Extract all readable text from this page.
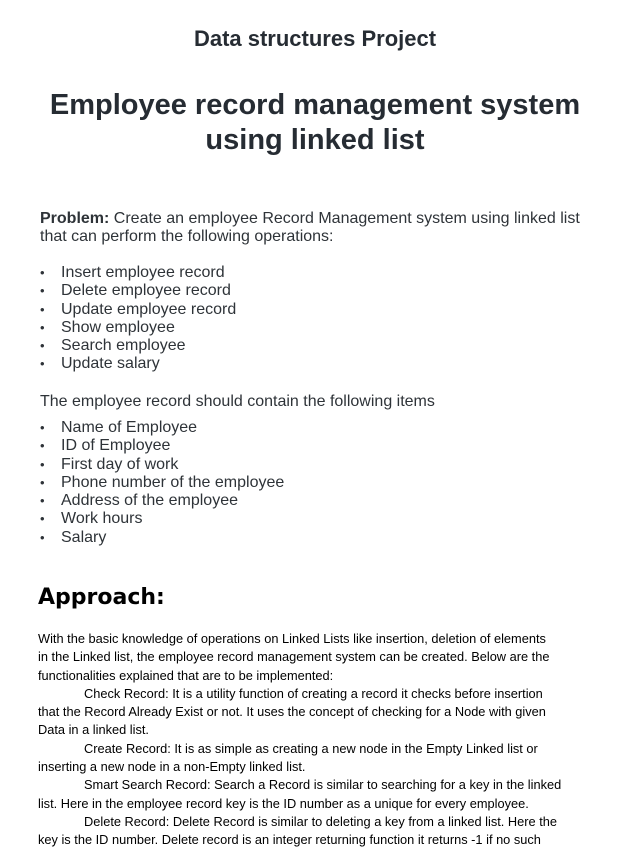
Data structures Project
Employee record management system
using linked list
Problem: Create an employee Record Management system using linked list
that can perform the following operations:
• Insert employee record
• Delete employee record
• Update employee record
• Show employee
• Search employee
• Update salary
The employee record should contain the following items
• Name of Employee
• ID of Employee
• First day of work
• Phone number of the employee
• Address of the employee
• Work hours
• Salary
Approach:
With the basic knowledge of operations on Linked Lists like insertion, deletion of elements
in the Linked list, the employee record management system can be created. Below are the
functionalities explained that are to be implemented:
Check Record: It is a utility function of creating a record it checks before insertion
that the Record Already Exist or not. It uses the concept of checking for a Node with given
Data in a linked list.
Create Record: It is as simple as creating a new node in the Empty Linked list or
inserting a new node in a non-Empty linked list.
Smart Search Record: Search a Record is similar to searching for a key in the linked
list. Here in the employee record key is the ID number as a unique for every employee.
Delete Record: Delete Record is similar to deleting a key from a linked list. Here the
key is the ID number. Delete record is an integer returning function it returns -1 if no such
